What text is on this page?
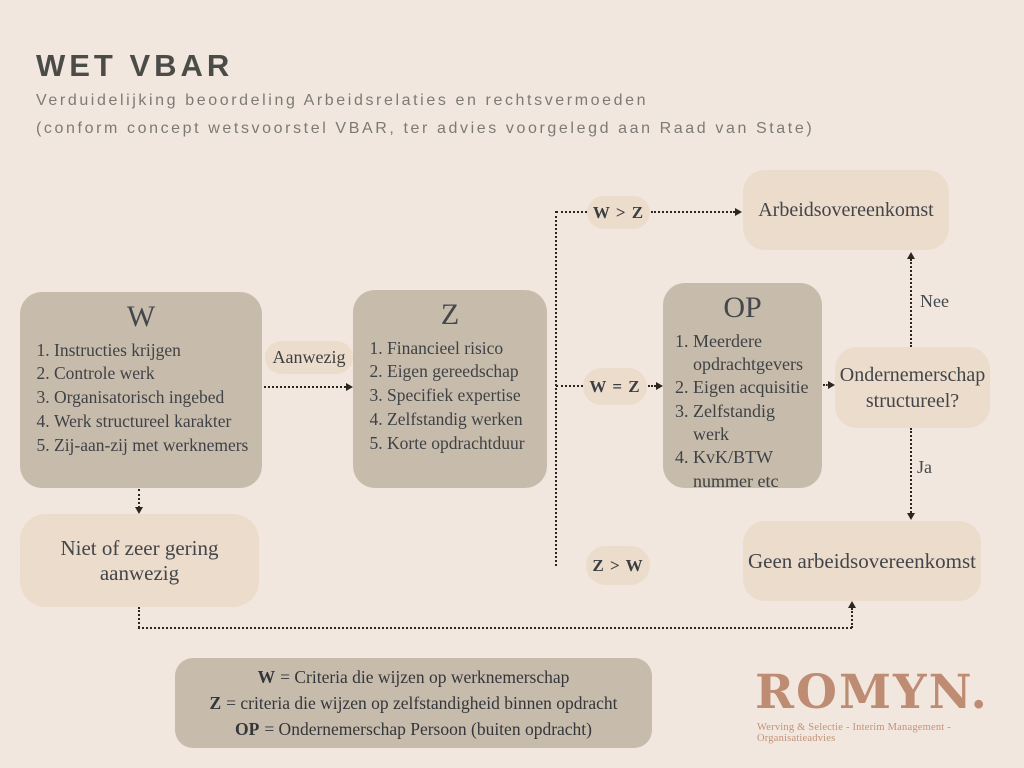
WET VBAR
Verduidelijking beoordeling Arbeidsrelaties en rechtsvermoeden
(conform concept wetsvoorstel VBAR, ter advies voorgelegd aan Raad van State)
W
1. Instructies krijgen
2. Controle werk
3. Organisatorisch ingebed
4. Werk structureel karakter
5. Zij-aan-zij met werknemers
Z
1. Financieel risico
2. Eigen gereedschap
3. Specifiek expertise
4. Zelfstandig werken
5. Korte opdrachtduur
OP
1. Meerdere opdrachtgevers
2. Eigen acquisitie
3. Zelfstandig werk
4. KvK/BTW nummer etc
Arbeidsovereenkomst
Ondernemerschap structureel?
Geen arbeidsovereenkomst
Niet of zeer gering aanwezig
Aanwezig
W > Z
W = Z
Z > W
Nee
Ja
W = Criteria die wijzen op werknemerschap
Z = criteria die wijzen op zelfstandigheid binnen opdracht
OP = Ondernemerschap Persoon (buiten opdracht)
ROMYN.
Werving & Selectie - Interim Management - Organisatieadvies
